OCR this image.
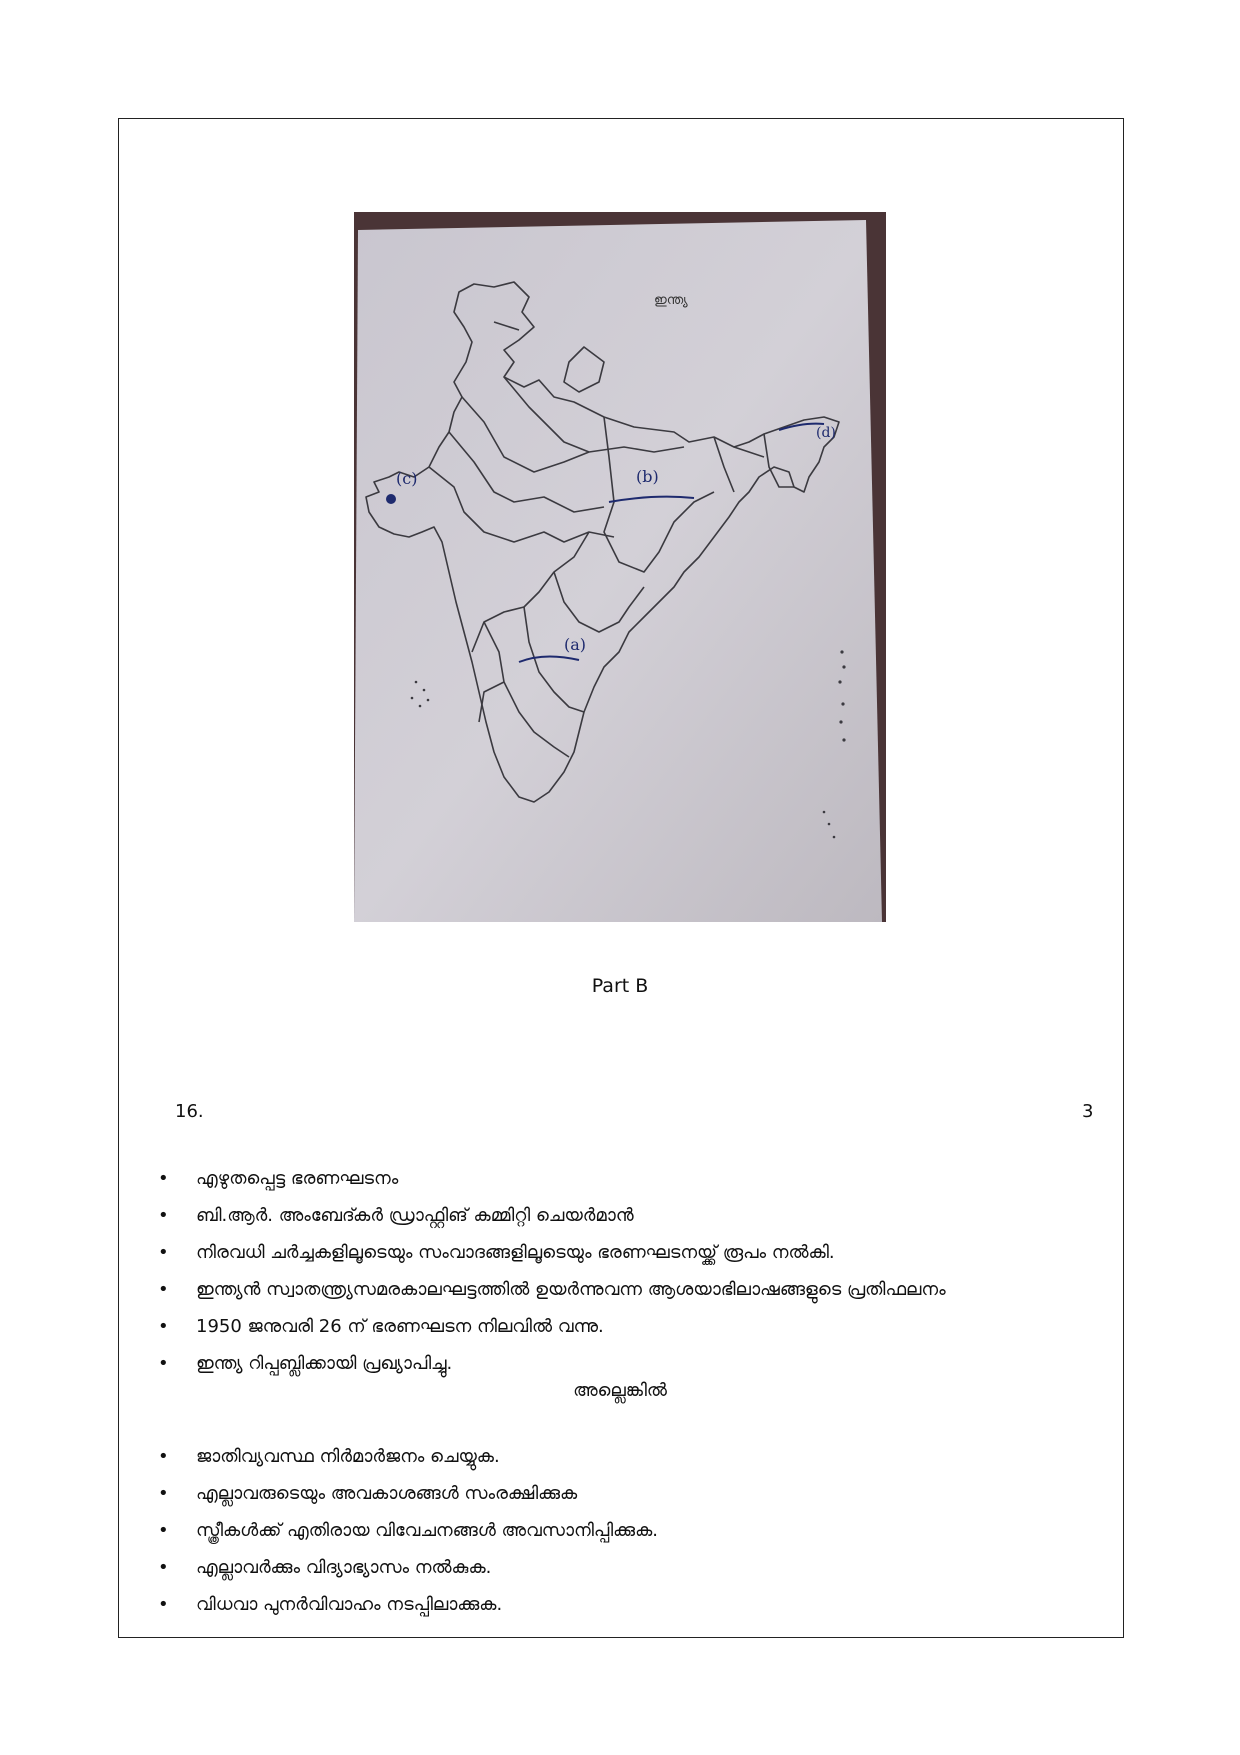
ഇന്ത്യ
(c)	(b)
(a)
(d)
Part B
16.	3
• എഴുതപ്പെട്ട ഭരണഘടനം
• ബി.ആർ. അംബേദ്കർ ഡ്രാഫ്റ്റിങ് കമ്മിറ്റി ചെയർമാൻ
• നിരവധി ചർച്ചകളിലൂടെയും സംവാദങ്ങളിലൂടെയും ഭരണഘടനയ്ക്ക് രൂപം നൽകി.
• ഇന്ത്യൻ സ്വാതന്ത്ര്യസമരകാലഘട്ടത്തിൽ ഉയർന്നുവന്ന ആശയാഭിലാഷങ്ങളുടെ പ്രതിഫലനം
• 1950 ജനുവരി 26 ന് ഭരണഘടന നിലവിൽ വന്നു.
• ഇന്ത്യ റിപ്പബ്ലിക്കായി പ്രഖ്യാപിച്ചു.
അല്ലെങ്കിൽ
• ജാതിവ്യവസ്ഥ നിർമാർജനം ചെയ്യുക.
• എല്ലാവരുടെയും അവകാശങ്ങൾ സംരക്ഷിക്കുക
• സ്ത്രീകൾക്ക് എതിരായ വിവേചനങ്ങൾ അവസാനിപ്പിക്കുക.
• എല്ലാവർക്കും വിദ്യാഭ്യാസം നൽകുക.
• വിധവാ പുനർവിവാഹം നടപ്പിലാക്കുക.
